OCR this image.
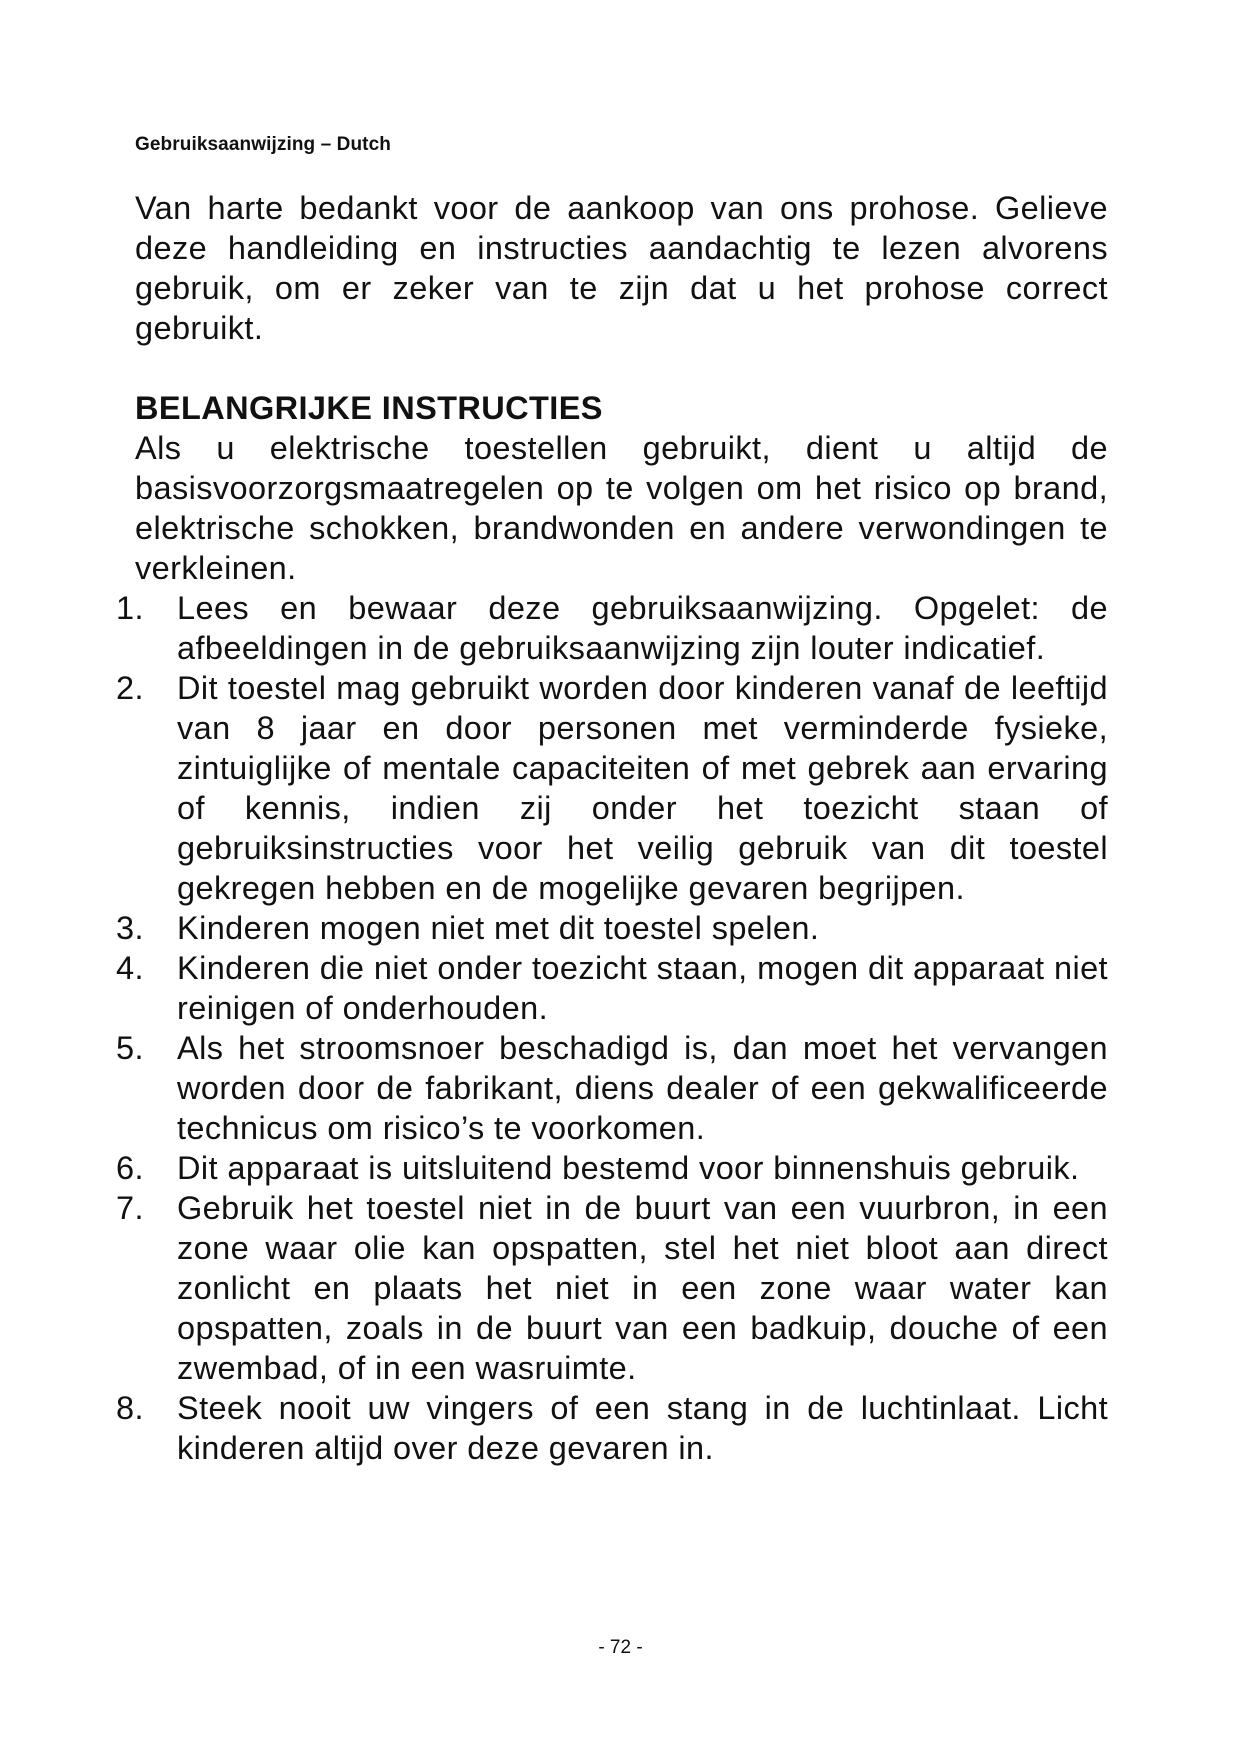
Gebruiksaanwijzing – Dutch

Van harte bedankt voor de aankoop van ons prohose. Gelieve deze handleiding en instructies aandachtig te lezen alvorens gebruik, om er zeker van te zijn dat u het prohose correct gebruikt.

BELANGRIJKE INSTRUCTIES

Als u elektrische toestellen gebruikt, dient u altijd de basisvoorzorgsmaatregelen op te volgen om het risico op brand, elektrische schokken, brandwonden en andere verwondingen te verkleinen.

1.	Lees en bewaar deze gebruiksaanwijzing. Opgelet: de afbeeldingen in de gebruiksaanwijzing zijn louter indicatief.
2.	Dit toestel mag gebruikt worden door kinderen vanaf de leeftijd van 8 jaar en door personen met verminderde fysieke, zintuiglijke of mentale capaciteiten of met gebrek aan ervaring of kennis, indien zij onder het toezicht staan of gebruiksinstructies voor het veilig gebruik van dit toestel gekregen hebben en de mogelijke gevaren begrijpen.
3.	Kinderen mogen niet met dit toestel spelen.
4.	Kinderen die niet onder toezicht staan, mogen dit apparaat niet reinigen of onderhouden.
5.	Als het stroomsnoer beschadigd is, dan moet het vervangen worden door de fabrikant, diens dealer of een gekwalificeerde technicus om risico’s te voorkomen.
6.	Dit apparaat is uitsluitend bestemd voor binnenshuis gebruik.
7.	Gebruik het toestel niet in de buurt van een vuurbron, in een zone waar olie kan opspatten, stel het niet bloot aan direct zonlicht en plaats het niet in een zone waar water kan opspatten, zoals in de buurt van een badkuip, douche of een zwembad, of in een wasruimte.
8.	Steek nooit uw vingers of een stang in de luchtinlaat. Licht kinderen altijd over deze gevaren in.
- 72 -
